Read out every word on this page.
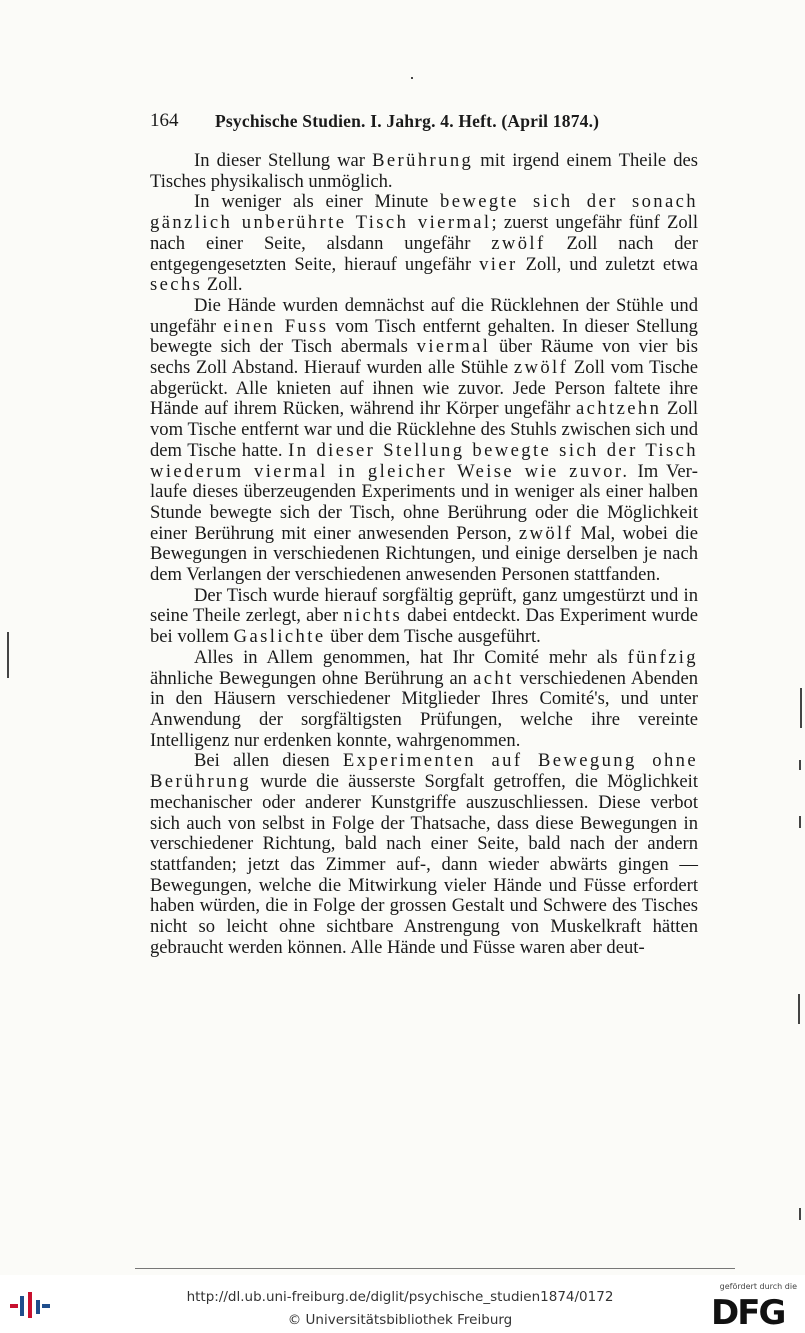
164 Psychische Studien. I. Jahrg. 4. Heft. (April 1874.)

In dieser Stellung war Berührung mit irgend einem Theile des Tisches physikalisch unmöglich.

In weniger als einer Minute bewegte sich der sonach gänzlich unberührte Tisch viermal; zuerst ungefähr fünf Zoll nach einer Seite, alsdann ungefähr zwölf Zoll nach der entgegengesetzten Seite, hierauf ungefähr vier Zoll, und zuletzt etwa sechs Zoll.

Die Hände wurden demnächst auf die Rücklehnen der Stühle und ungefähr einen Fuss vom Tisch entfernt gehalten. In dieser Stellung bewegte sich der Tisch abermals viermal über Räume von vier bis sechs Zoll Abstand. Hierauf wurden alle Stühle zwölf Zoll vom Tische abgerückt. Alle knieten auf ihnen wie zuvor. Jede Person faltete ihre Hände auf ihrem Rücken, während ihr Körper ungefähr achtzehn Zoll vom Tische entfernt war und die Rücklehne des Stuhls zwischen sich und dem Tische hatte. In dieser Stellung bewegte sich der Tisch wiederum viermal in gleicher Weise wie zuvor. Im Verlaufe dieses überzeugenden Experiments und in weniger als einer halben Stunde bewegte sich der Tisch, ohne Berührung oder die Möglichkeit einer Berührung mit einer anwesenden Person, zwölf Mal, wobei die Bewegungen in verschiedenen Richtungen, und einige derselben je nach dem Verlangen der verschiedenen anwesenden Personen stattfanden.

Der Tisch wurde hierauf sorgfältig geprüft, ganz umgestürzt und in seine Theile zerlegt, aber nichts dabei entdeckt. Das Experiment wurde bei vollem Gaslichte über dem Tische ausgeführt.

Alles in Allem genommen, hat Ihr Comité mehr als fünfzig ähnliche Bewegungen ohne Berührung an acht verschiedenen Abenden in den Häusern verschiedener Mitglieder Ihres Comité's, und unter Anwendung der sorgfältigsten Prüfungen, welche ihre vereinte Intelligenz nur erdenken konnte, wahrgenommen.

Bei allen diesen Experimenten auf Bewegung ohne Berührung wurde die äusserste Sorgfalt getroffen, die Möglichkeit mechanischer oder anderer Kunstgriffe auszuschliessen. Diese verbot sich auch von selbst in Folge der Thatsache, dass diese Bewegungen in verschiedener Richtung, bald nach einer Seite, bald nach der andern stattfanden; jetzt das Zimmer auf-, dann wieder abwärts gingen — Bewegungen, welche die Mitwirkung vieler Hände und Füsse erfordert haben würden, die in Folge der grossen Gestalt und Schwere des Tisches nicht so leicht ohne sichtbare Anstrengung von Muskelkraft hätten gebraucht werden können. Alle Hände und Füsse waren aber deut-

http://dl.ub.uni-freiburg.de/diglit/psychische_studien1874/0172
© Universitätsbibliothek Freiburg
gefördert durch die
DFG
